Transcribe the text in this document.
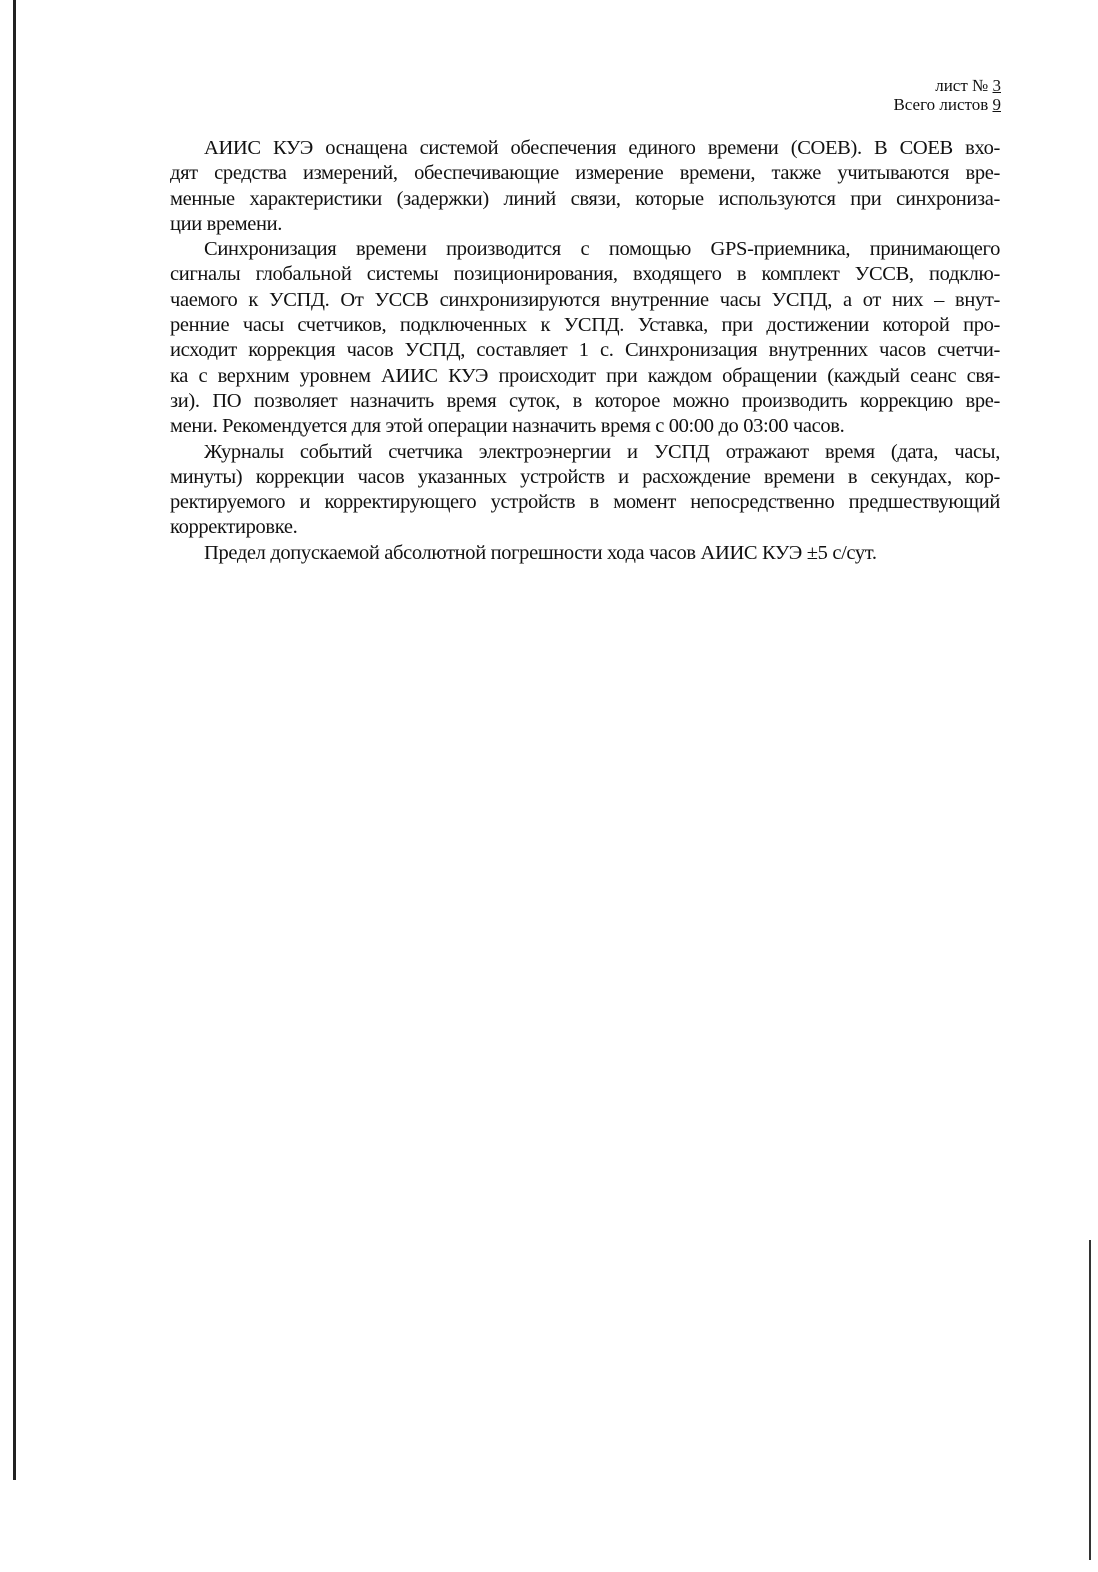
лист № 3
Всего листов 9
АИИС КУЭ оснащена системой обеспечения единого времени (СОЕВ). В СОЕВ вхо-
дят средства измерений, обеспечивающие измерение времени, также учитываются вре-
менные характеристики (задержки) линий связи, которые используются при синхрониза-
ции времени.
Синхронизация времени производится с помощью GPS-приемника, принимающего
сигналы глобальной системы позиционирования, входящего в комплект УССВ, подклю-
чаемого к УСПД. От УССВ синхронизируются внутренние часы УСПД, а от них – внут-
ренние часы счетчиков, подключенных к УСПД. Уставка, при достижении которой про-
исходит коррекция часов УСПД, составляет 1 с. Синхронизация внутренних часов счетчи-
ка с верхним уровнем АИИС КУЭ происходит при каждом обращении (каждый сеанс свя-
зи). ПО позволяет назначить время суток, в которое можно производить коррекцию вре-
мени. Рекомендуется для этой операции назначить время с 00:00 до 03:00 часов.
Журналы событий счетчика электроэнергии и УСПД отражают время (дата, часы,
минуты) коррекции часов указанных устройств и расхождение времени в секундах, кор-
ректируемого и корректирующего устройств в момент непосредственно предшествующий
корректировке.
Предел допускаемой абсолютной погрешности хода часов АИИС КУЭ ±5 с/сут.
